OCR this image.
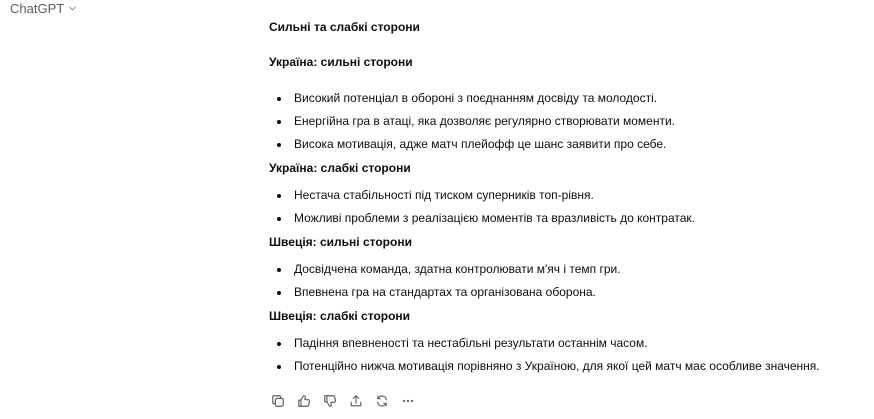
ChatGPT

Сильні та слабкі сторони

Україна: сильні сторони

Високий потенціал в обороні з поєднанням досвіду та молодості.
Енергійна гра в атаці, яка дозволяє регулярно створювати моменти.
Висока мотивація, адже матч плейофф це шанс заявити про себе.

Україна: слабкі сторони

Нестача стабільності під тиском суперників топ-рівня.
Можливі проблеми з реалізацією моментів та вразливість до контратак.

Швеція: сильні сторони

Досвідчена команда, здатна контролювати м'яч і темп гри.
Впевнена гра на стандартах та організована оборона.

Швеція: слабкі сторони

Падіння впевненості та нестабільні результати останнім часом.
Потенційно нижча мотивація порівняно з Україною, для якої цей матч має особливе значення.
